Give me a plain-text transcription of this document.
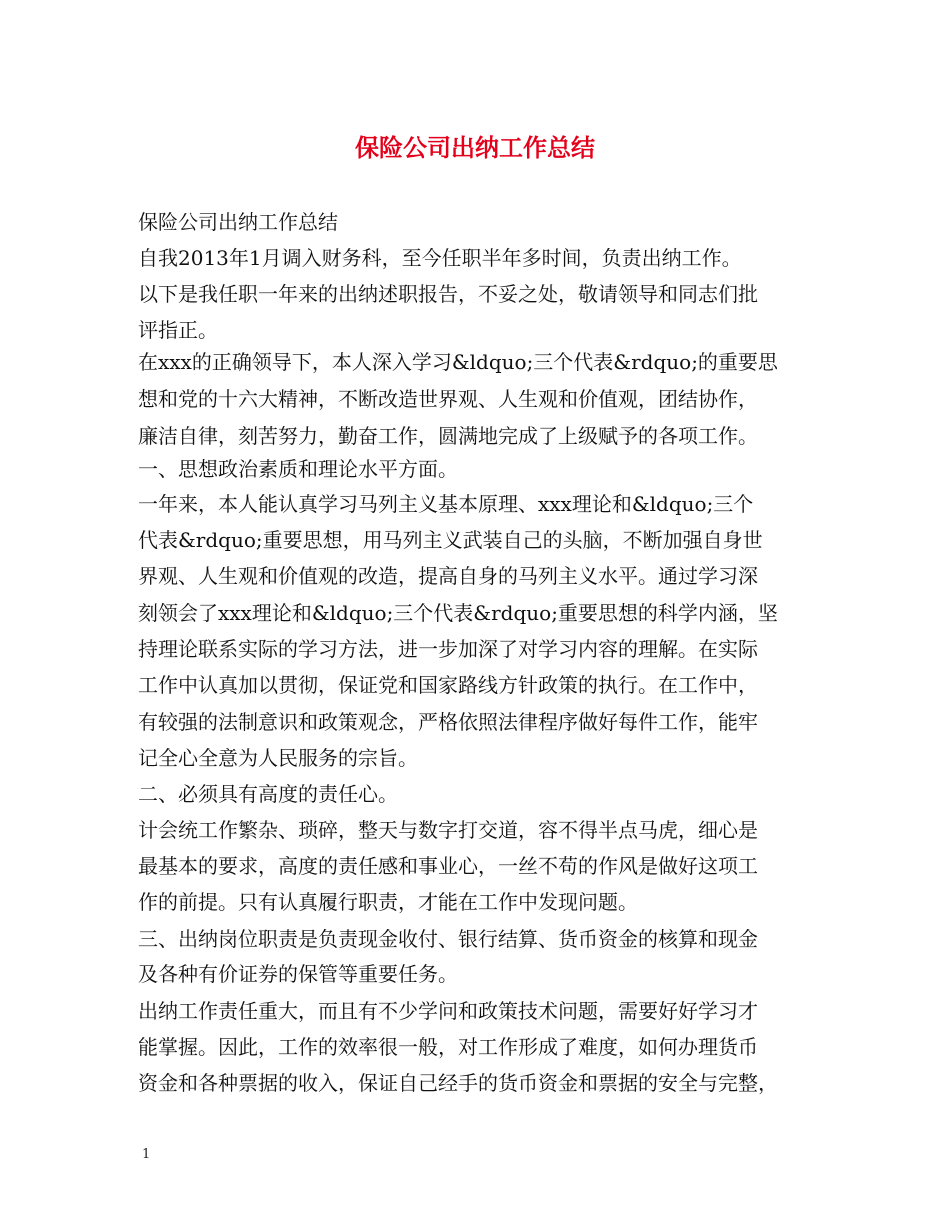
保险公司出纳工作总结

保险公司出纳工作总结

自我2013年1月调入财务科，至今任职半年多时间，负责出纳工作。

以下是我任职一年来的出纳述职报告，不妥之处，敬请领导和同志们批

评指正。

在xxx的正确领导下，本人深入学习&ldquo;三个代表&rdquo;的重要思

想和党的十六大精神，不断改造世界观、人生观和价值观，团结协作，

廉洁自律，刻苦努力，勤奋工作，圆满地完成了上级赋予的各项工作。

一、思想政治素质和理论水平方面。

一年来，本人能认真学习马列主义基本原理、xxx理论和&ldquo;三个

代表&rdquo;重要思想，用马列主义武装自己的头脑，不断加强自身世

界观、人生观和价值观的改造，提高自身的马列主义水平。通过学习深

刻领会了xxx理论和&ldquo;三个代表&rdquo;重要思想的科学内涵，坚

持理论联系实际的学习方法，进一步加深了对学习内容的理解。在实际

工作中认真加以贯彻，保证党和国家路线方针政策的执行。在工作中，

有较强的法制意识和政策观念，严格依照法律程序做好每件工作，能牢

记全心全意为人民服务的宗旨。

二、必须具有高度的责任心。

计会统工作繁杂、琐碎，整天与数字打交道，容不得半点马虎，细心是

最基本的要求，高度的责任感和事业心，一丝不苟的作风是做好这项工

作的前提。只有认真履行职责，才能在工作中发现问题。

三、出纳岗位职责是负责现金收付、银行结算、货币资金的核算和现金

及各种有价证券的保管等重要任务。

出纳工作责任重大，而且有不少学问和政策技术问题，需要好好学习才

能掌握。因此，工作的效率很一般，对工作形成了难度，如何办理货币

资金和各种票据的收入，保证自己经手的货币资金和票据的安全与完整，

1
